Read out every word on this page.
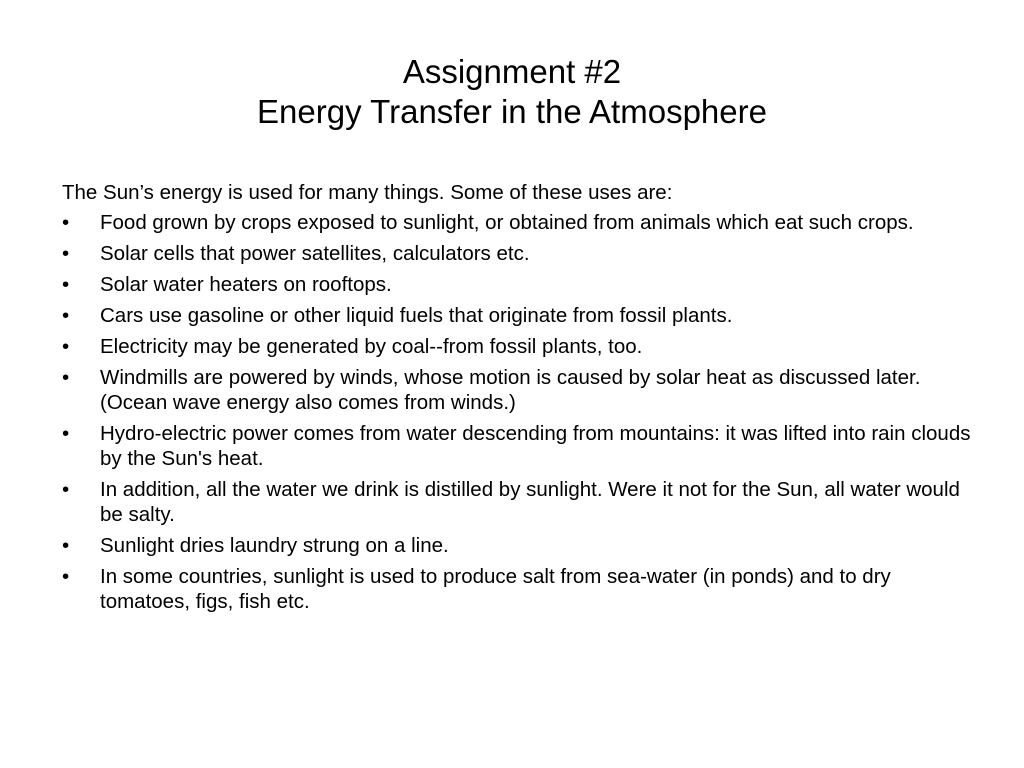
Assignment #2
Energy Transfer in the Atmosphere

The Sun’s energy is used for many things. Some of these uses are:

•	Food grown by crops exposed to sunlight, or obtained from animals which eat such crops.
•	Solar cells that power satellites, calculators etc.
•	Solar water heaters on rooftops.
•	Cars use gasoline or other liquid fuels that originate from fossil plants.
•	Electricity may be generated by coal--from fossil plants, too.
•	Windmills are powered by winds, whose motion is caused by solar heat as discussed later. (Ocean wave energy also comes from winds.)
•	Hydro-electric power comes from water descending from mountains: it was lifted into rain clouds by the Sun's heat.
•	In addition, all the water we drink is distilled by sunlight. Were it not for the Sun, all water would be salty.
•	Sunlight dries laundry strung on a line.
•	In some countries, sunlight is used to produce salt from sea-water (in ponds) and to dry tomatoes, figs, fish etc.
